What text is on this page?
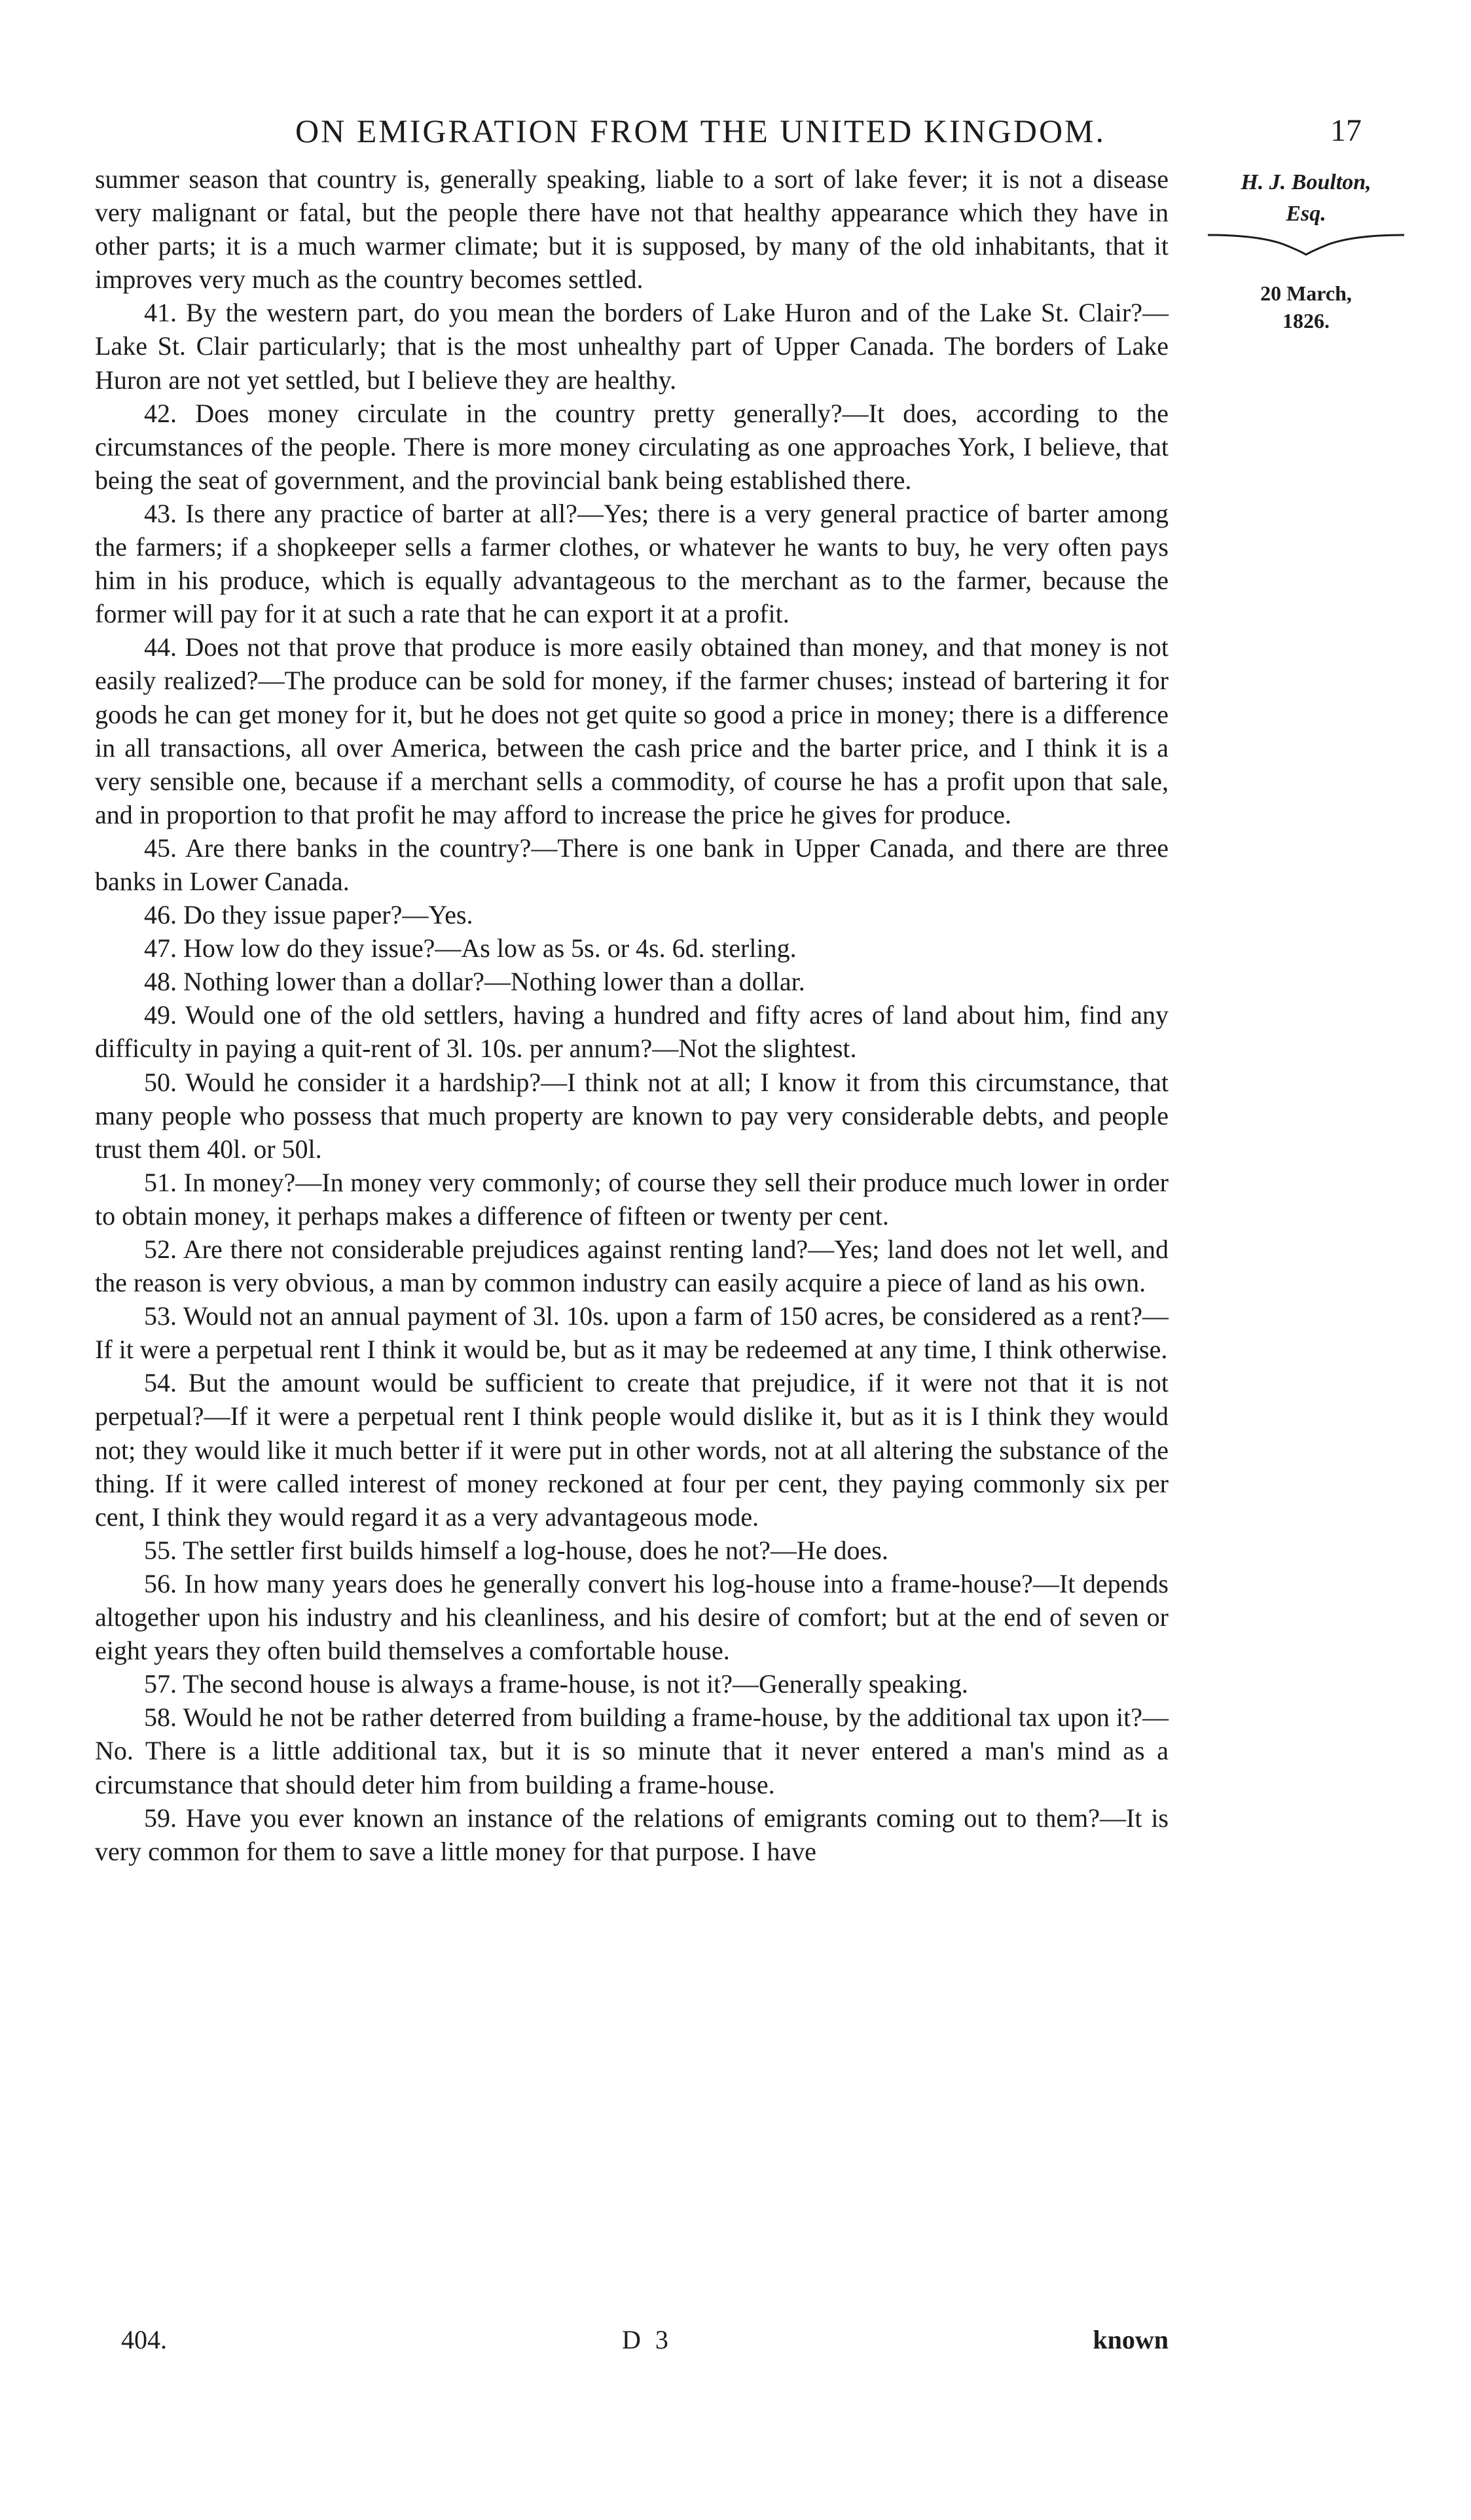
ON EMIGRATION FROM THE UNITED KINGDOM.	17
H. J. Boulton,
Esq.
20 March,
1826.

summer season that country is, generally speaking, liable to a sort of lake fever; it is not a disease very malignant or fatal, but the people there have not that healthy appearance which they have in other parts; it is a much warmer climate; but it is supposed, by many of the old inhabitants, that it improves very much as the country becomes settled.

41. By the western part, do you mean the borders of Lake Huron and of the Lake St. Clair?—Lake St. Clair particularly; that is the most unhealthy part of Upper Canada. The borders of Lake Huron are not yet settled, but I believe they are healthy.

42. Does money circulate in the country pretty generally?—It does, according to the circumstances of the people. There is more money circulating as one approaches York, I believe, that being the seat of government, and the provincial bank being established there.

43. Is there any practice of barter at all?—Yes; there is a very general practice of barter among the farmers; if a shopkeeper sells a farmer clothes, or whatever he wants to buy, he very often pays him in his produce, which is equally advantageous to the merchant as to the farmer, because the former will pay for it at such a rate that he can export it at a profit.

44. Does not that prove that produce is more easily obtained than money, and that money is not easily realized?—The produce can be sold for money, if the farmer chuses; instead of bartering it for goods he can get money for it, but he does not get quite so good a price in money; there is a difference in all transactions, all over America, between the cash price and the barter price, and I think it is a very sensible one, because if a merchant sells a commodity, of course he has a profit upon that sale, and in proportion to that profit he may afford to increase the price he gives for produce.

45. Are there banks in the country?—There is one bank in Upper Canada, and there are three banks in Lower Canada.

46. Do they issue paper?—Yes.

47. How low do they issue?—As low as 5s. or 4s. 6d. sterling.

48. Nothing lower than a dollar?—Nothing lower than a dollar.

49. Would one of the old settlers, having a hundred and fifty acres of land about him, find any difficulty in paying a quit-rent of 3l. 10s. per annum?—Not the slightest.

50. Would he consider it a hardship?—I think not at all; I know it from this circumstance, that many people who possess that much property are known to pay very considerable debts, and people trust them 40l. or 50l.

51. In money?—In money very commonly; of course they sell their produce much lower in order to obtain money, it perhaps makes a difference of fifteen or twenty per cent.

52. Are there not considerable prejudices against renting land?—Yes; land does not let well, and the reason is very obvious, a man by common industry can easily acquire a piece of land as his own.

53. Would not an annual payment of 3l. 10s. upon a farm of 150 acres, be considered as a rent?—If it were a perpetual rent I think it would be, but as it may be redeemed at any time, I think otherwise.

54. But the amount would be sufficient to create that prejudice, if it were not that it is not perpetual?—If it were a perpetual rent I think people would dislike it, but as it is I think they would not; they would like it much better if it were put in other words, not at all altering the substance of the thing. If it were called interest of money reckoned at four per cent, they paying commonly six per cent, I think they would regard it as a very advantageous mode.

55. The settler first builds himself a log-house, does he not?—He does.

56. In how many years does he generally convert his log-house into a frame-house?—It depends altogether upon his industry and his cleanliness, and his desire of comfort; but at the end of seven or eight years they often build themselves a comfortable house.

57. The second house is always a frame-house, is not it?—Generally speaking.

58. Would he not be rather deterred from building a frame-house, by the additional tax upon it?—No. There is a little additional tax, but it is so minute that it never entered a man's mind as a circumstance that should deter him from building a frame-house.

59. Have you ever known an instance of the relations of emigrants coming out to them?—It is very common for them to save a little money for that purpose. I have

404.	D 3	known
